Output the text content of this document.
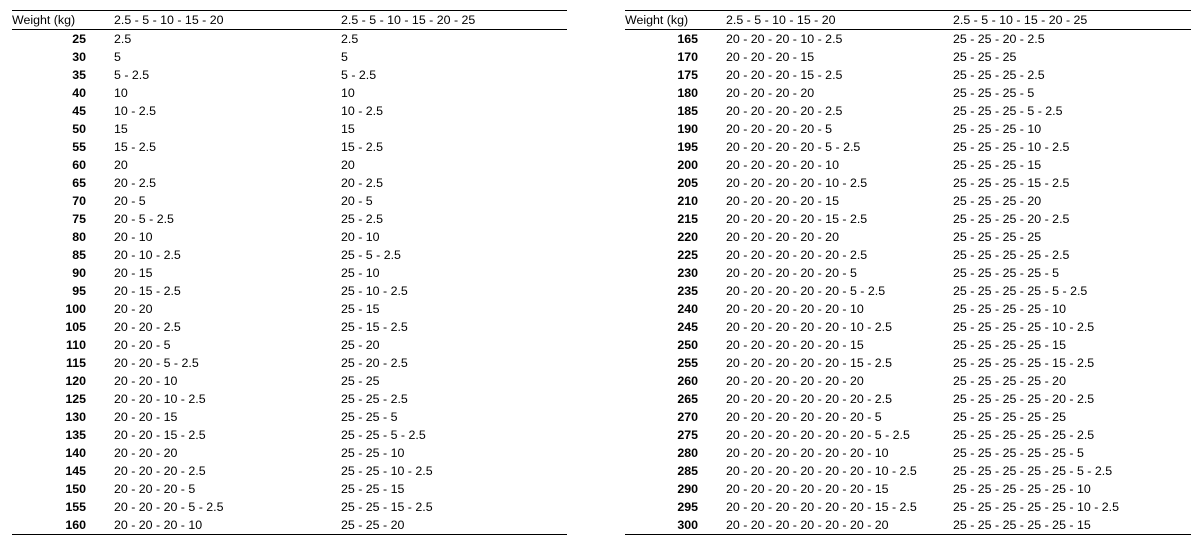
Weight (kg)	2.5 - 5 - 10 - 15 - 20	2.5 - 5 - 10 - 15 - 20 - 25
25	2.5	2.5
30	5	5
35	5 - 2.5	5 - 2.5
40	10	10
45	10 - 2.5	10 - 2.5
50	15	15
55	15 - 2.5	15 - 2.5
60	20	20
65	20 - 2.5	20 - 2.5
70	20 - 5	20 - 5
75	20 - 5 - 2.5	25 - 2.5
80	20 - 10	20 - 10
85	20 - 10 - 2.5	25 - 5 - 2.5
90	20 - 15	25 - 10
95	20 - 15 - 2.5	25 - 10 - 2.5
100	20 - 20	25 - 15
105	20 - 20 - 2.5	25 - 15 - 2.5
110	20 - 20 - 5	25 - 20
115	20 - 20 - 5 - 2.5	25 - 20 - 2.5
120	20 - 20 - 10	25 - 25
125	20 - 20 - 10 - 2.5	25 - 25 - 2.5
130	20 - 20 - 15	25 - 25 - 5
135	20 - 20 - 15 - 2.5	25 - 25 - 5 - 2.5
140	20 - 20 - 20	25 - 25 - 10
145	20 - 20 - 20 - 2.5	25 - 25 - 10 - 2.5
150	20 - 20 - 20 - 5	25 - 25 - 15
155	20 - 20 - 20 - 5 - 2.5	25 - 25 - 15 - 2.5
160	20 - 20 - 20 - 10	25 - 25 - 20
Weight (kg)	2.5 - 5 - 10 - 15 - 20	2.5 - 5 - 10 - 15 - 20 - 25
165	20 - 20 - 20 - 10 - 2.5	25 - 25 - 20 - 2.5
170	20 - 20 - 20 - 15	25 - 25 - 25
175	20 - 20 - 20 - 15 - 2.5	25 - 25 - 25 - 2.5
180	20 - 20 - 20 - 20	25 - 25 - 25 - 5
185	20 - 20 - 20 - 20 - 2.5	25 - 25 - 25 - 5 - 2.5
190	20 - 20 - 20 - 20 - 5	25 - 25 - 25 - 10
195	20 - 20 - 20 - 20 - 5 - 2.5	25 - 25 - 25 - 10 - 2.5
200	20 - 20 - 20 - 20 - 10	25 - 25 - 25 - 15
205	20 - 20 - 20 - 20 - 10 - 2.5	25 - 25 - 25 - 15 - 2.5
210	20 - 20 - 20 - 20 - 15	25 - 25 - 25 - 20
215	20 - 20 - 20 - 20 - 15 - 2.5	25 - 25 - 25 - 20 - 2.5
220	20 - 20 - 20 - 20 - 20	25 - 25 - 25 - 25
225	20 - 20 - 20 - 20 - 20 - 2.5	25 - 25 - 25 - 25 - 2.5
230	20 - 20 - 20 - 20 - 20 - 5	25 - 25 - 25 - 25 - 5
235	20 - 20 - 20 - 20 - 20 - 5 - 2.5	25 - 25 - 25 - 25 - 5 - 2.5
240	20 - 20 - 20 - 20 - 20 - 10	25 - 25 - 25 - 25 - 10
245	20 - 20 - 20 - 20 - 20 - 10 - 2.5	25 - 25 - 25 - 25 - 10 - 2.5
250	20 - 20 - 20 - 20 - 20 - 15	25 - 25 - 25 - 25 - 15
255	20 - 20 - 20 - 20 - 20 - 15 - 2.5	25 - 25 - 25 - 25 - 15 - 2.5
260	20 - 20 - 20 - 20 - 20 - 20	25 - 25 - 25 - 25 - 20
265	20 - 20 - 20 - 20 - 20 - 20 - 2.5	25 - 25 - 25 - 25 - 20 - 2.5
270	20 - 20 - 20 - 20 - 20 - 20 - 5	25 - 25 - 25 - 25 - 25
275	20 - 20 - 20 - 20 - 20 - 20 - 5 - 2.5	25 - 25 - 25 - 25 - 25 - 2.5
280	20 - 20 - 20 - 20 - 20 - 20 - 10	25 - 25 - 25 - 25 - 25 - 5
285	20 - 20 - 20 - 20 - 20 - 20 - 10 - 2.5	25 - 25 - 25 - 25 - 25 - 5 - 2.5
290	20 - 20 - 20 - 20 - 20 - 20 - 15	25 - 25 - 25 - 25 - 25 - 10
295	20 - 20 - 20 - 20 - 20 - 20 - 15 - 2.5	25 - 25 - 25 - 25 - 25 - 10 - 2.5
300	20 - 20 - 20 - 20 - 20 - 20 - 20	25 - 25 - 25 - 25 - 25 - 15
